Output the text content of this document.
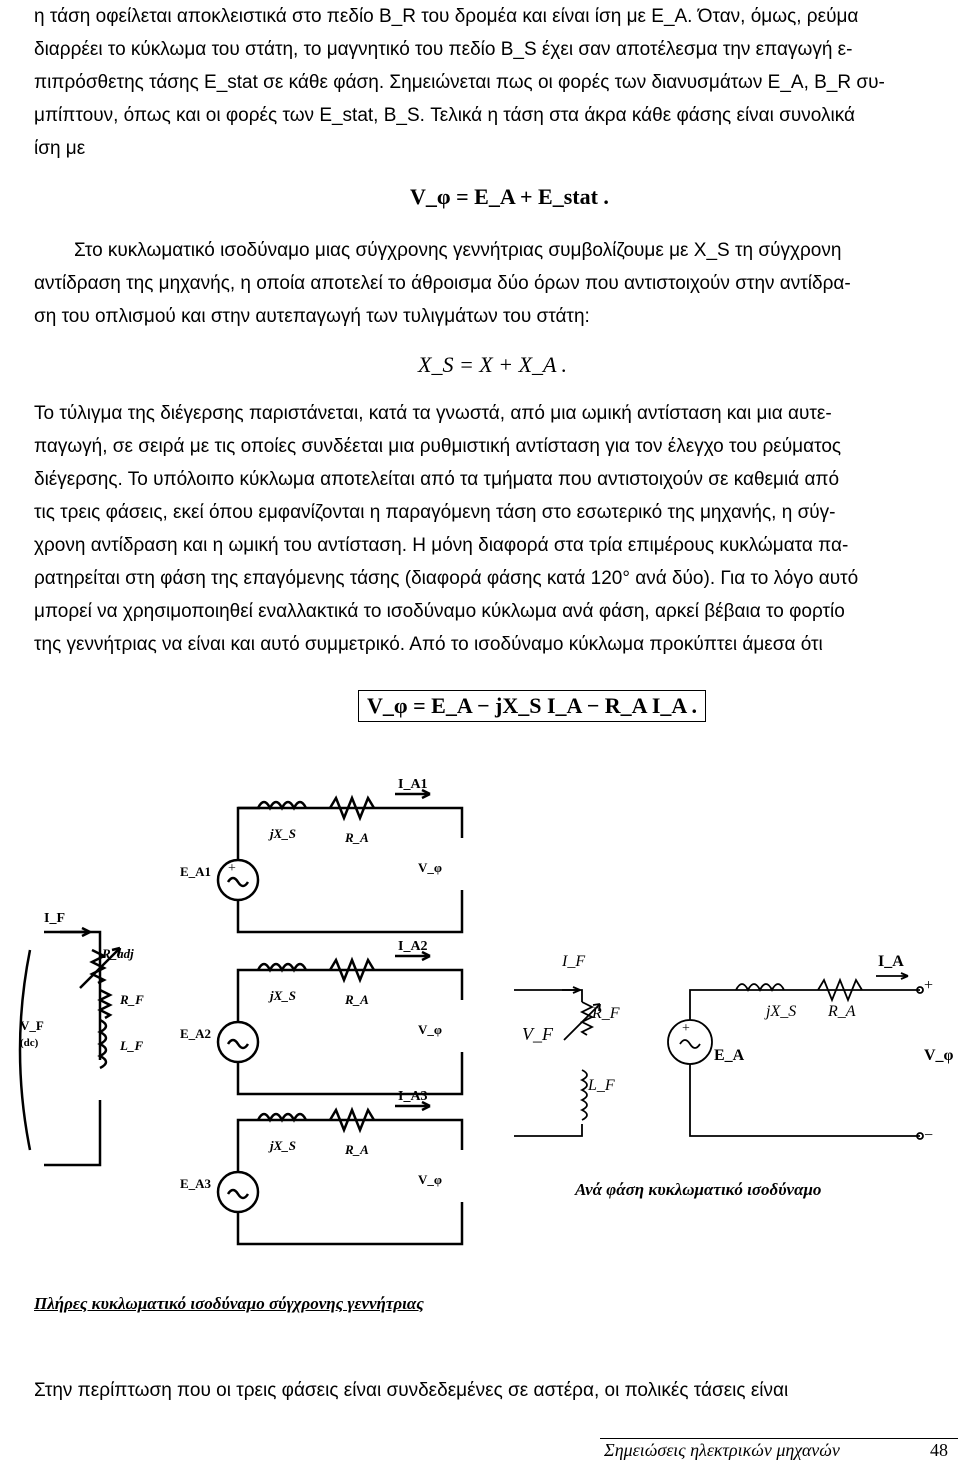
η τάση οφείλεται αποκλειστικά στο πεδίο B_R του δρομέα και είναι ίση με E_A. Όταν, όμως, ρεύμα
διαρρέει το κύκλωμα του στάτη, το μαγνητικό του πεδίο B_S έχει σαν αποτέλεσμα την επαγωγή ε-
πιπρόσθετης τάσης E_stat σε κάθε φάση. Σημειώνεται πως οι φορές των διανυσμάτων E_A, B_R συ-
μπίπτουν, όπως και οι φορές των E_stat, B_S. Τελικά η τάση στα άκρα κάθε φάσης είναι συνολικά
ίση με
V_φ = E_A + E_stat .
Στο κυκλωματικό ισοδύναμο μιας σύγχρονης γεννήτριας συμβολίζουμε με X_S τη σύγχρονη
αντίδραση της μηχανής, η οποία αποτελεί το άθροισμα δύο όρων που αντιστοιχούν στην αντίδρα-
ση του οπλισμού και στην αυτεπαγωγή των τυλιγμάτων του στάτη:
X_S = X + X_A .
Το τύλιγμα της διέγερσης παριστάνεται, κατά τα γνωστά, από μια ωμική αντίσταση και μια αυτε-
παγωγή, σε σειρά με τις οποίες συνδέεται μια ρυθμιστική αντίσταση για τον έλεγχο του ρεύματος
διέγερσης. Το υπόλοιπο κύκλωμα αποτελείται από τα τμήματα που αντιστοιχούν σε καθεμιά από
τις τρεις φάσεις, εκεί όπου εμφανίζονται η παραγόμενη τάση στο εσωτερικό της μηχανής, η σύγ-
χρονη αντίδραση και η ωμική του αντίσταση. Η μόνη διαφορά στα τρία επιμέρους κυκλώματα πα-
ρατηρείται στη φάση της επαγόμενης τάσης (διαφορά φάσης κατά 120° ανά δύο). Για το λόγο αυτό
μπορεί να χρησιμοποιηθεί εναλλακτικά το ισοδύναμο κύκλωμα ανά φάση, αρκεί βέβαια το φορτίο
της γεννήτριας να είναι και αυτό συμμετρικό. Από το ισοδύναμο κύκλωμα προκύπτει άμεσα ότι
V_φ = E_A − jX_S I_A − R_A I_A .
I_A1
jX_S	R_A
E_A1	V_φ
+
I_F
R_adj
R_F
L_F
V_F
(dc)
I_A2
jX_S	R_A
E_A2	V_φ
I_A3
jX_S	R_A
E_A3	V_φ
I_F	I_A
R_F
V_F
L_F
jX_S R_A
E_A	V_φ
+
−
+
Ανά φάση κυκλωματικό ισοδύναμο
Πλήρες κυκλωματικό ισοδύναμο σύγχρονης γεννήτριας
Στην περίπτωση που οι τρεις φάσεις είναι συνδεδεμένες σε αστέρα, οι πολικές τάσεις είναι
Σημειώσεις ηλεκτρικών μηχανών	48
